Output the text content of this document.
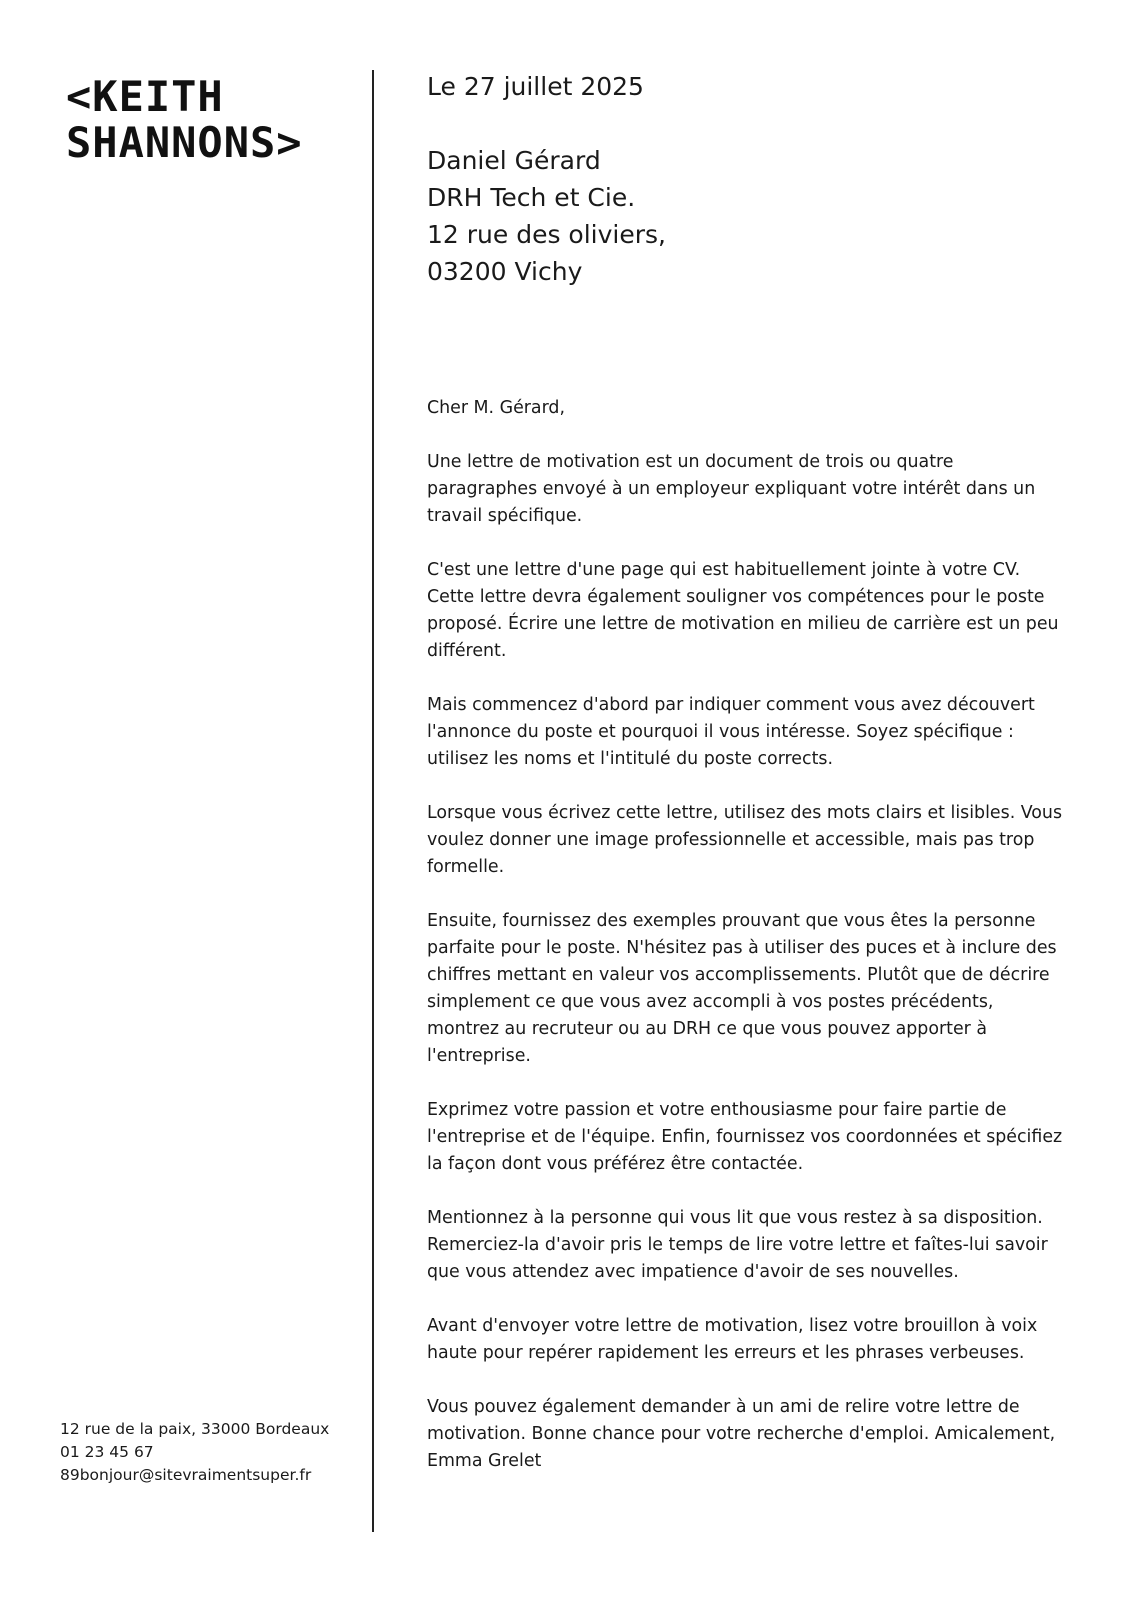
<KEITH
SHANNONS>
12 rue de la paix, 33000 Bordeaux
01 23 45 67
89bonjour@sitevraimentsuper.fr
Le 27 juillet 2025
Daniel Gérard
DRH Tech et Cie.
12 rue des oliviers,
03200 Vichy
Cher M. Gérard,
Une lettre de motivation est un document de trois ou quatre
paragraphes envoyé à un employeur expliquant votre intérêt dans un
travail spécifique.
C'est une lettre d'une page qui est habituellement jointe à votre CV.
Cette lettre devra également souligner vos compétences pour le poste
proposé. Écrire une lettre de motivation en milieu de carrière est un peu
différent.
Mais commencez d'abord par indiquer comment vous avez découvert
l'annonce du poste et pourquoi il vous intéresse. Soyez spécifique :
utilisez les noms et l'intitulé du poste corrects.
Lorsque vous écrivez cette lettre, utilisez des mots clairs et lisibles. Vous
voulez donner une image professionnelle et accessible, mais pas trop
formelle.
Ensuite, fournissez des exemples prouvant que vous êtes la personne
parfaite pour le poste. N'hésitez pas à utiliser des puces et à inclure des
chiffres mettant en valeur vos accomplissements. Plutôt que de décrire
simplement ce que vous avez accompli à vos postes précédents,
montrez au recruteur ou au DRH ce que vous pouvez apporter à
l'entreprise.
Exprimez votre passion et votre enthousiasme pour faire partie de
l'entreprise et de l'équipe. Enfin, fournissez vos coordonnées et spécifiez
la façon dont vous préférez être contactée.
Mentionnez à la personne qui vous lit que vous restez à sa disposition.
Remerciez-la d'avoir pris le temps de lire votre lettre et faîtes-lui savoir
que vous attendez avec impatience d'avoir de ses nouvelles.
Avant d'envoyer votre lettre de motivation, lisez votre brouillon à voix
haute pour repérer rapidement les erreurs et les phrases verbeuses.
Vous pouvez également demander à un ami de relire votre lettre de
motivation. Bonne chance pour votre recherche d'emploi. Amicalement,
Emma Grelet
